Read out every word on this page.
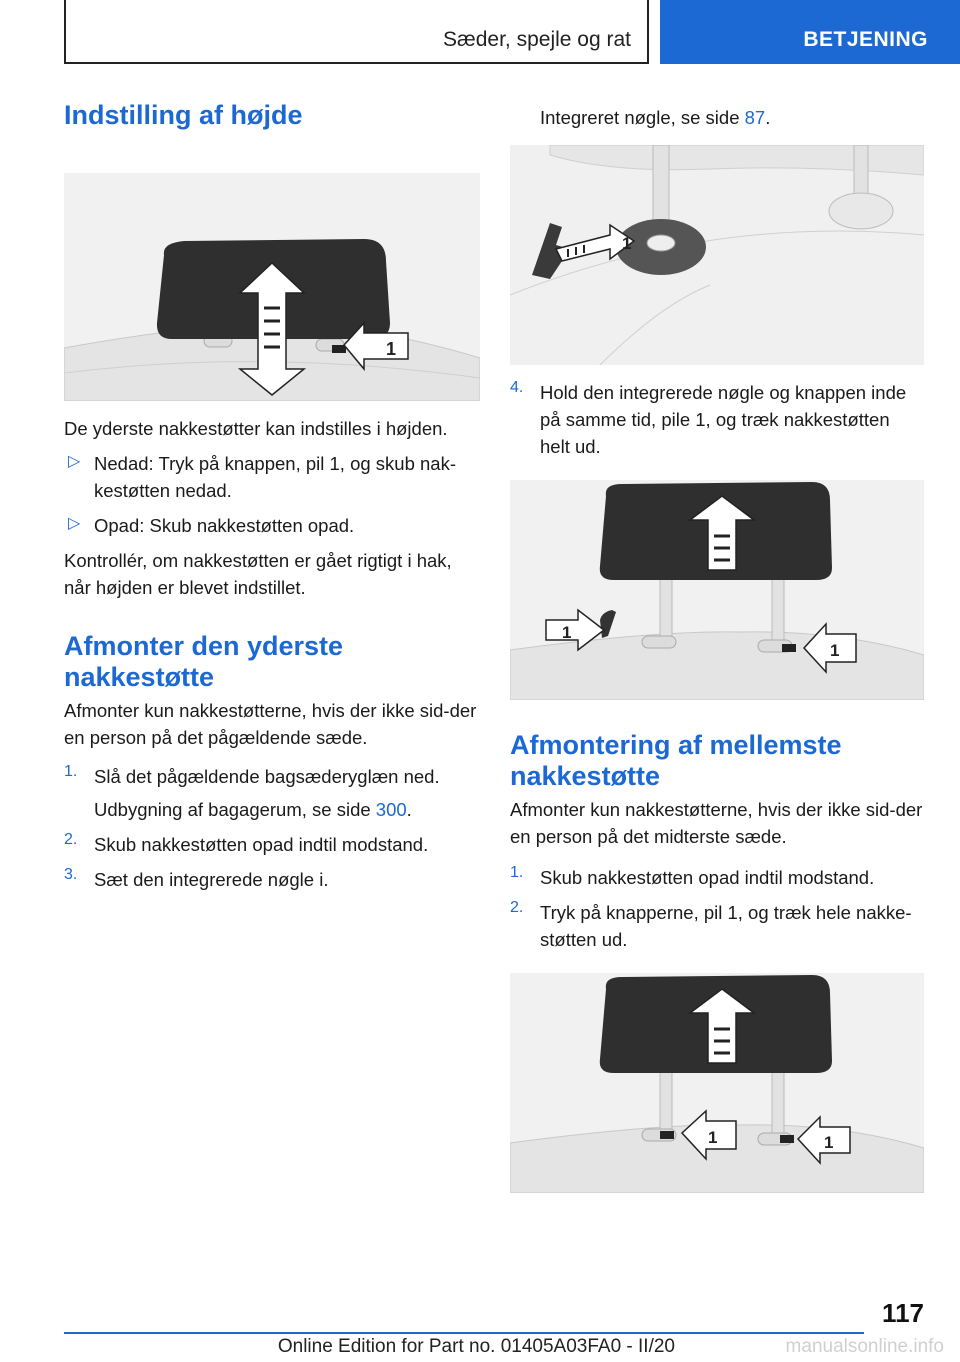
Sæder, spejle og rat	BETJENING
Indstilling af højde
1

De yderste nakkestøtter kan indstilles i højden.

▷ Nedad: Tryk på knappen, pil 1, og skub nak-kestøtten nedad.

▷ Opad: Skub nakkestøtten opad.

Kontrollér, om nakkestøtten er gået rigtigt i hak, når højden er blevet indstillet.

Afmonter den yderste nakkestøtte

Afmonter kun nakkestøtterne, hvis der ikke sid-der en person på det pågældende sæde.

1. Slå det pågældende bagsæderyglæn ned.

Udbygning af bagagerum, se side 300.

2. Skub nakkestøtten opad indtil modstand.

3. Sæt den integrerede nøgle i.

Integreret nøgle, se side 87.

1
4. Hold den integrerede nøgle og knappen inde på samme tid, pile 1, og træk nakkestøtten helt ud.

1
1
Afmontering af mellemste nakkestøtte

Afmonter kun nakkestøtterne, hvis der ikke sid-der en person på det midterste sæde.

1. Skub nakkestøtten opad indtil modstand.

2. Tryk på knapperne, pil 1, og træk hele nakke-støtten ud.

1	1
117
Online Edition for Part no. 01405A03FA0 - II/20	manualsonline.info
